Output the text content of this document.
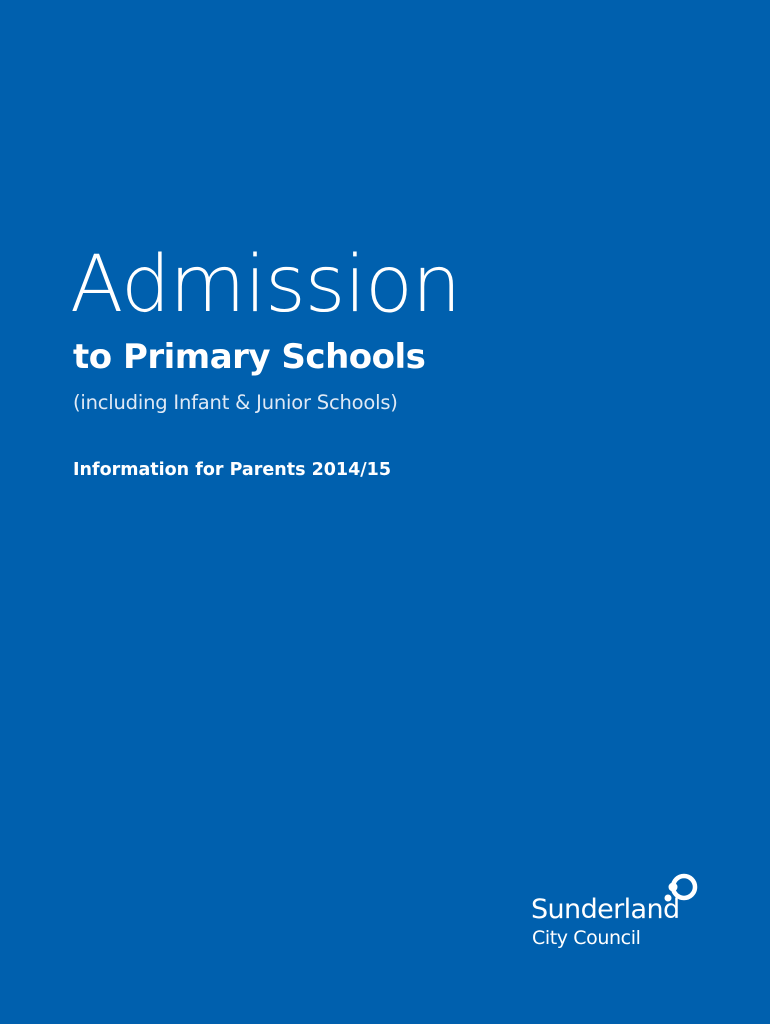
Admission
to Primary Schools
(including Infant & Junior Schools)
Information for Parents 2014/15
Sunderland
City Council
